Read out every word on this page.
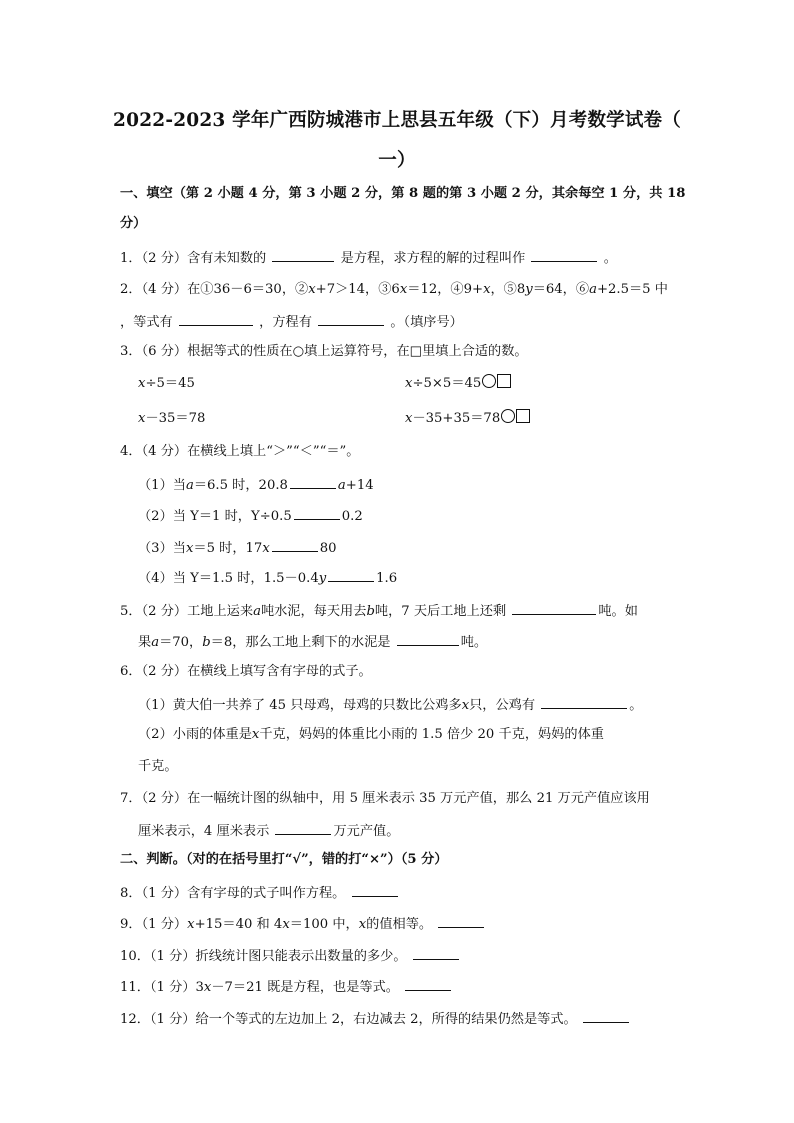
2022-2023 学年广西防城港市上思县五年级（下）月考数学试卷（
一）
一、填空（第 2 小题 4 分，第 3 小题 2 分，第 8 题的第 3 小题 2 分，其余每空 1 分，共 18
分）
1．（2 分）含有未知数的	是方程，求方程的解的过程叫作	。
2．（4 分）在①36－6＝30，②x+7＞14，③6x＝12，④9+x，⑤8y＝64，⑥a+2.5＝5 中
，等式有	，方程有	。（填序号）
3．（6 分）根据等式的性质在○填上运算符号，在□里填上合适的数。
x÷5＝45	x÷5×5＝45
x－35＝78	x－35+35＝78
4．（4 分）在横线上填上“＞”“＜”“＝”。
（1）当a＝6.5 时，20.8	a+14
（2）当 Y＝1 时，Y÷0.5	0.2
（3）当x＝5 时，17x	80
（4）当 Y＝1.5 时，1.5－0.4y	1.6
5．（2 分）工地上运来a吨水泥，每天用去b吨，7 天后工地上还剩	吨。如
果a＝70，b＝8，那么工地上剩下的水泥是	吨。
6．（2 分）在横线上填写含有字母的式子。
（1）黄大伯一共养了 45 只母鸡，母鸡的只数比公鸡多x只，公鸡有	。
（2）小雨的体重是x千克，妈妈的体重比小雨的 1.5 倍少 20 千克，妈妈的体重
千克。
7．（2 分）在一幅统计图的纵轴中，用 5 厘米表示 35 万元产值，那么 21 万元产值应该用
厘米表示，4 厘米表示	万元产值。
二、判断。（对的在括号里打“√”，错的打“×”）（5 分）
8．（1 分）含有字母的式子叫作方程。
9．（1 分）x+15＝40 和 4x＝100 中，x的值相等。
10．（1 分）折线统计图只能表示出数量的多少。
11．（1 分）3x－7＝21 既是方程，也是等式。
12．（1 分）给一个等式的左边加上 2，右边减去 2，所得的结果仍然是等式。
